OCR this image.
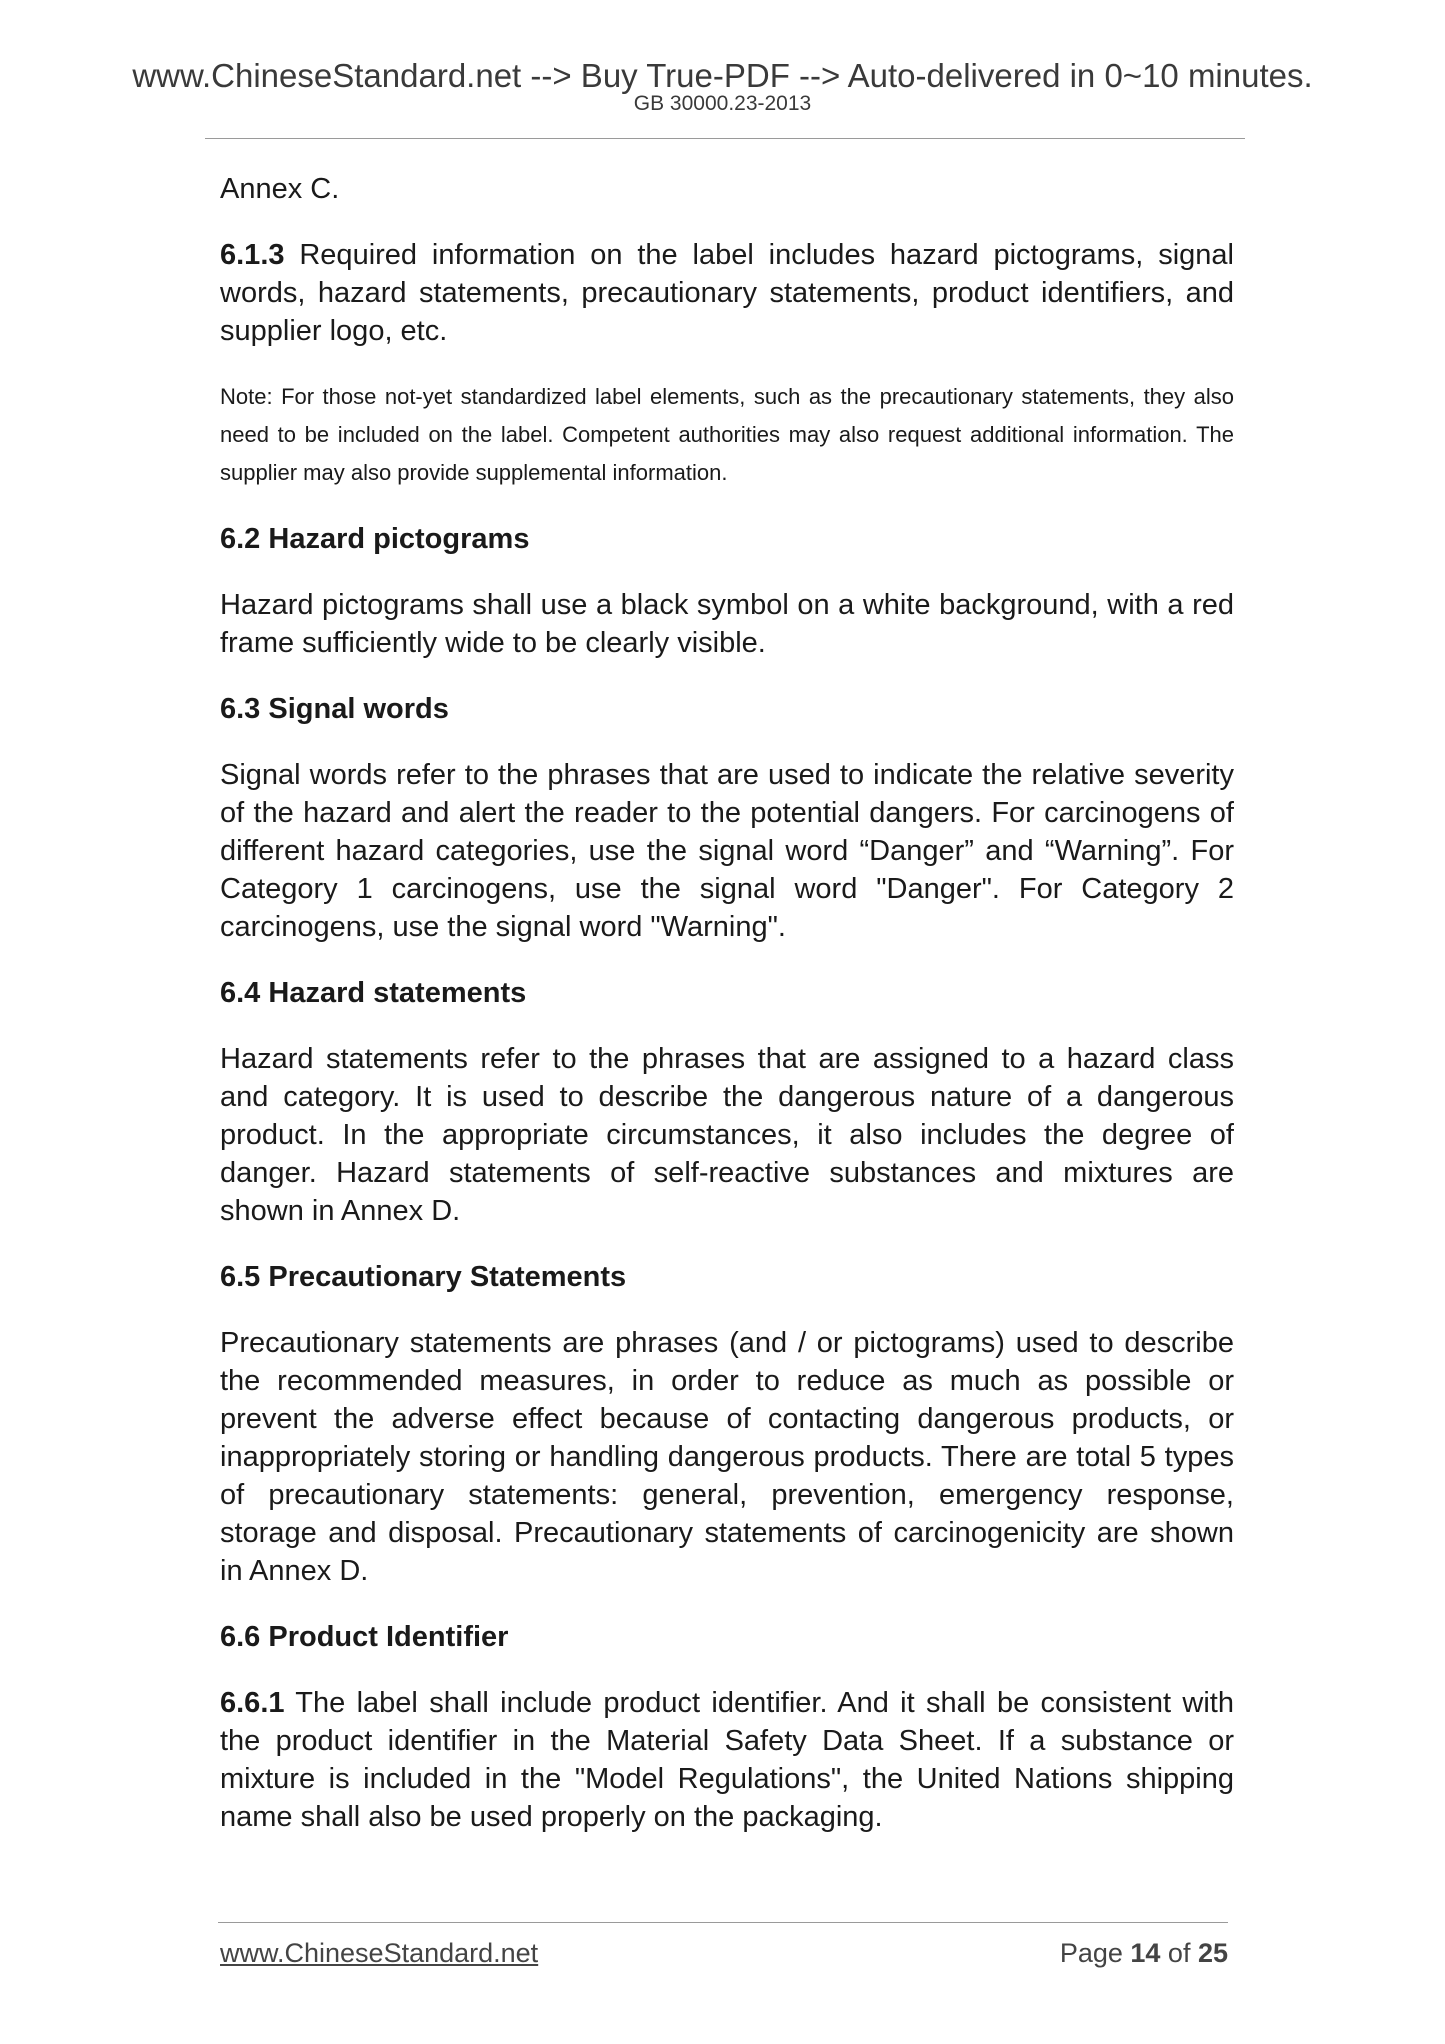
www.ChineseStandard.net --> Buy True-PDF --> Auto-delivered in 0~10 minutes.
GB 30000.23-2013

Annex C.

6.1.3 Required information on the label includes hazard pictograms, signal words, hazard statements, precautionary statements, product identifiers, and supplier logo, etc.

Note: For those not-yet standardized label elements, such as the precautionary statements, they also need to be included on the label. Competent authorities may also request additional information. The supplier may also provide supplemental information.

6.2 Hazard pictograms

Hazard pictograms shall use a black symbol on a white background, with a red frame sufficiently wide to be clearly visible.

6.3 Signal words

Signal words refer to the phrases that are used to indicate the relative severity of the hazard and alert the reader to the potential dangers. For carcinogens of different hazard categories, use the signal word “Danger” and “Warning”. For Category 1 carcinogens, use the signal word "Danger". For Category 2 carcinogens, use the signal word "Warning".

6.4 Hazard statements

Hazard statements refer to the phrases that are assigned to a hazard class and category. It is used to describe the dangerous nature of a dangerous product. In the appropriate circumstances, it also includes the degree of danger. Hazard statements of self-reactive substances and mixtures are shown in Annex D.

6.5 Precautionary Statements

Precautionary statements are phrases (and / or pictograms) used to describe the recommended measures, in order to reduce as much as possible or prevent the adverse effect because of contacting dangerous products, or inappropriately storing or handling dangerous products. There are total 5 types of precautionary statements: general, prevention, emergency response, storage and disposal. Precautionary statements of carcinogenicity are shown in Annex D.

6.6 Product Identifier

6.6.1 The label shall include product identifier. And it shall be consistent with the product identifier in the Material Safety Data Sheet. If a substance or mixture is included in the "Model Regulations", the United Nations shipping name shall also be used properly on the packaging.

www.ChineseStandard.net	Page 14 of 25
